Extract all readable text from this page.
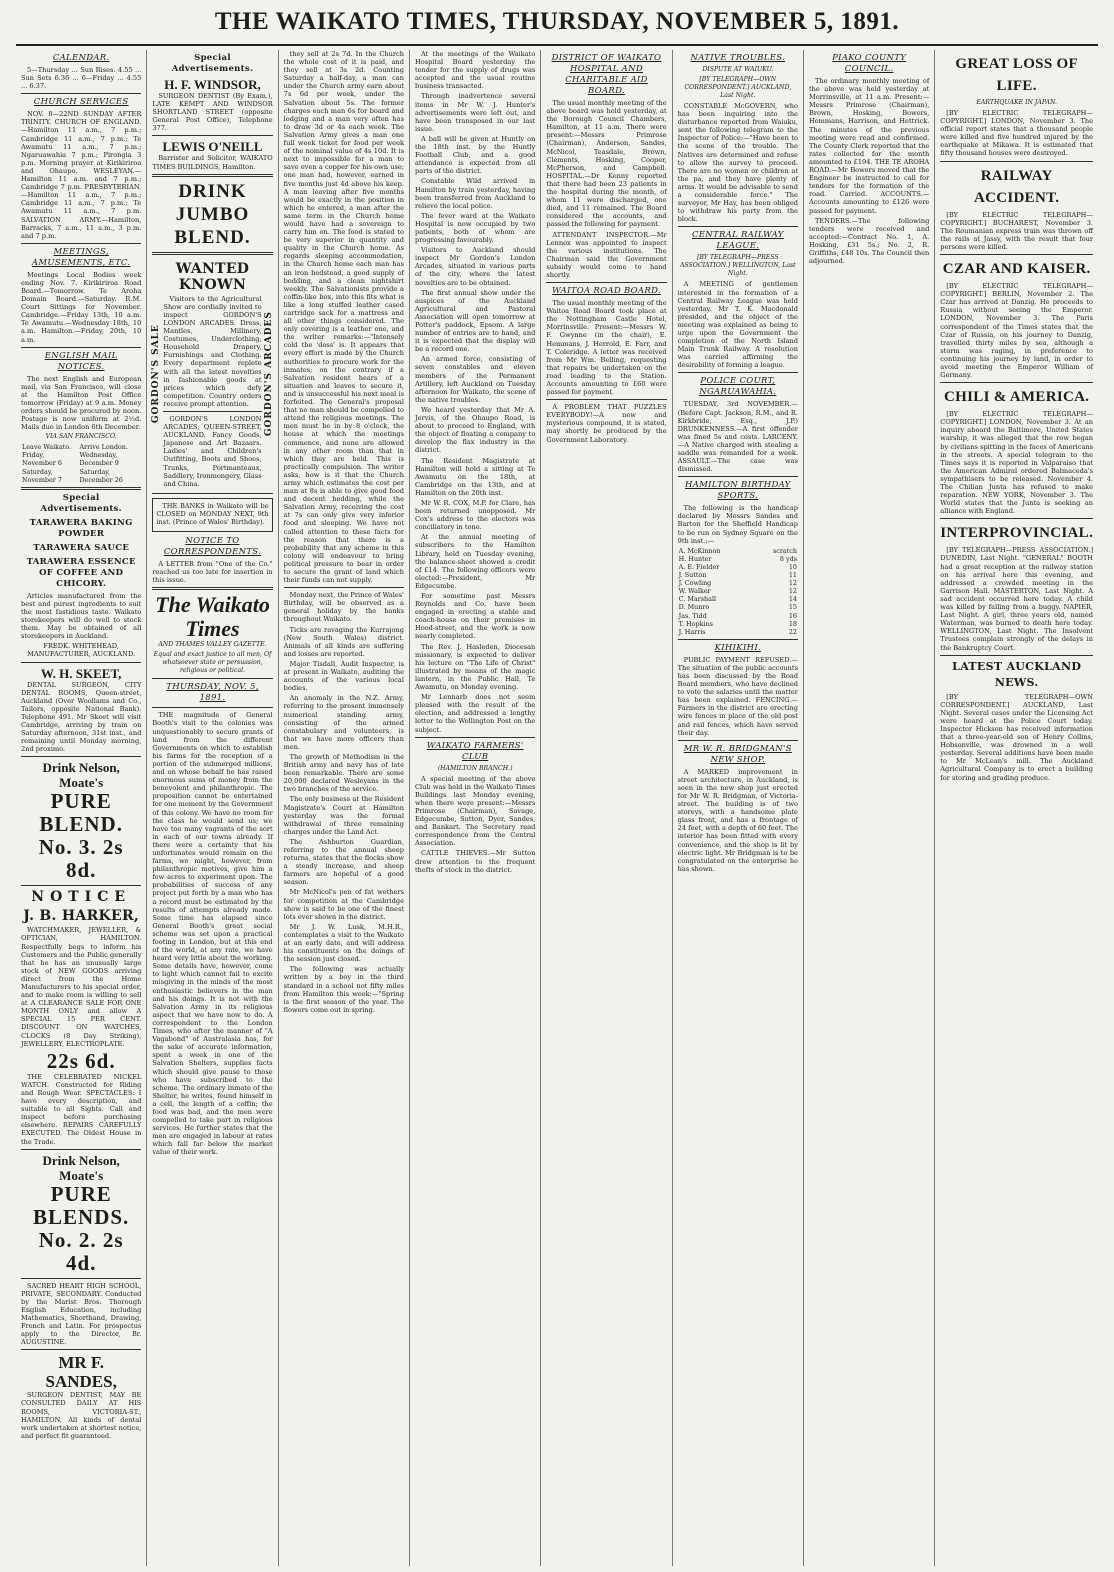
THE WAIKATO TIMES, THURSDAY, NOVEMBER 5, 1891.
CALENDAR.

5—Thursday ... Sun Rises. 4.55 ... Sun Sets 6.36 ... 6—Friday ... 4.55 ... 6.37.

CHURCH SERVICES

NOV. 8—22ND SUNDAY AFTER TRINITY. CHURCH OF ENGLAND.—Hamilton 11 a.m., 7 p.m.; Cambridge 11 a.m., 7 p.m.; Te Awamutu 11 a.m., 7 p.m.; Ngaruawahia 7 p.m.; Pirongia 3 p.m. Morning prayer at Kirikiriroa and Ohaupo. WESLEYAN.—Hamilton 11 a.m. and 7 p.m.; Cambridge 7 p.m. PRESBYTERIAN.—Hamilton 11 a.m., 7 p.m.; Cambridge 11 a.m., 7 p.m.; Te Awamutu 11 a.m., 7 p.m. SALVATION ARMY.—Hamilton, Barracks, 7 a.m., 11 a.m., 3 p.m. and 7 p.m.

MEETINGS, AMUSEMENTS, ETC.

Meetings Local Bodies week ending Nov. 7. Kirikiriroa Road Board.—Tomorrow. Te Aroha Domain Board.—Saturday. R.M. Court Sittings for November. Cambridge.—Friday 13th, 10 a.m. Te Awamutu.—Wednesday 18th, 10 a.m. Hamilton.—Friday, 20th, 10 a.m.

ENGLISH MAIL NOTICES.

The next English and European mail, via San Francisco, will close at the Hamilton Post Office tomorrow (Friday) at 9 a.m. Money orders should be procured by noon. Postage is now uniform at 2½d. Mails due in London 6th December.

VIA SAN FRANCISCO.
Leave Waikato.	Arrive London.
Friday, November 6	Wednesday, December 9
Saturday, November 7	Saturday, December 26
Special Advertisements.
TARAWERA BAKING POWDER
TARAWERA SAUCE
TARAWERA ESSENCE OF COFFEE AND CHICORY.

Articles manufactured from the best and purest ingredients to suit the most fastidious taste. Waikato storekeepers will do well to stock them. May be obtained of all storekeepers in Auckland.

FREDK. WHITEHEAD, MANUFACTURER, AUCKLAND.
W. H. SKEET,

DENTAL SURGEON, CITY DENTAL ROOMS, Queen-street, Auckland (Over Woollams and Co., Tailors, opposite National Bank). Telephone 491. Mr Skeet will visit Cambridge, arriving by train on Saturday afternoon, 31st inst., and remaining until Monday morning, 2nd proximo.

Drink Nelson, Moate's
PURE BLEND.
No. 3. 2s 8d.
NOTICE
J. B. HARKER,

WATCHMAKER, JEWELLER, & OPTICIAN, HAMILTON. Respectfully begs to inform his Customers and the Public generally that he has an unusually large stock of NEW GOODS arriving direct from the Home Manufacturers to his special order, and to make room is willing to sell at A CLEARANCE SALE FOR ONE MONTH ONLY and allow A SPECIAL 15 PER CENT. DISCOUNT ON WATCHES, CLOCKS (8 Day Striking), JEWELLERY, ELECTROPLATE.

22s 6d.

THE CELEBRATED NICKEL WATCH. Constructed for Riding and Rough Wear. SPECTACLES: I have every description, and suitable to all Sights. Call and inspect before purchasing elsewhere. REPAIRS CAREFULLY EXECUTED. The Oldest House in the Trade.

Drink Nelson, Moate's
PURE BLENDS.
No. 2. 2s 4d.

SACRED HEART HIGH SCHOOL, PRIVATE, SECONDARY. Conducted by the Marist Bros. Thorough English Education, including Mathematics, Shorthand, Drawing, French and Latin. For prospectus apply to the Director, Br. AUGUSTINE.

MR F. SANDES,

SURGEON DENTIST, MAY BE CONSULTED DAILY AT HIS ROOMS, VICTORIA-ST., HAMILTON. All kinds of dental work undertaken at shortest notice, and perfect fit guaranteed.

Special Advertisements.
H. F. WINDSOR,

SURGEON DENTIST (By Exam.), LATE KEMPT AND WINDSOR SHORTLAND STREET (opposite General Post Office), Telephone 377.

LEWIS O'NEILL

Barrister and Solicitor, WAIKATO TIMES BUILDINGS, Hamilton.

DRINK JUMBO BLEND.
GORDON'S SALE
WANTED KNOWN

Visitors to the Agricultural Show are cordially invited to inspect GORDON'S LONDON ARCADES. Dress, Mantles, Millinery, Costumes, Underclothing, Household Drapery, Furnishings and Clothing. Every department replete with all the latest novelties in fashionable goods at prices which defy competition. Country orders receive prompt attention.

GORDON'S LONDON ARCADES, QUEEN-STREET, AUCKLAND. Fancy Goods, Japanese and Art Bazaars. Ladies' and Children's Outfitting, Boots and Shoes, Trunks, Portmanteaux, Saddlery, Ironmongery, Glass and China.

GORDON'S ARCADES

THE BANKS in Waikato will be CLOSED on MONDAY NEXT, 9th inst. (Prince of Wales' Birthday).

NOTICE TO CORRESPONDENTS.

A LETTER from "One of the Co." reached us too late for insertion in this issue.

The Waikato Times
AND THAMES VALLEY GAZETTE.
Equal and exact justice to all men, Of whatsoever state or persuasion, religious or political.
THURSDAY, NOV. 5, 1891.

THE magnitude of General Booth's visit to the colonies was unquestionably to secure grants of land from the different Governments on which to establish his farms for the reception of a portion of the submerged millions, and on whose behalf he has raised enormous sums of money from the benevolent and philanthropic. The proposition cannot be entertained for one moment by the Government of this colony. We have no room for the class he would send us; we have too many vagrants of the sort in each of our towns already. If there were a certainty that his unfortunates would remain on the farms, we might, however, from philanthropic motives, give him a few acres to experiment upon. The probabilities of success of any project put forth by a man who has a record must be estimated by the results of attempts already made. Some time has elapsed since General Booth's great social scheme was set upon a practical footing in London, but at this end of the world, at any rate, we have heard very little about the working. Some details have, however, come to light which cannot fail to excite misgiving in the minds of the most enthusiastic believers in the man and his doings. It is not with the Salvation Army in its religious aspect that we have now to do. A correspondent to the London Times, who after the manner of "A Vagabond" of Australasia has, for the sake of accurate information, spent a week in one of the Salvation Shelters, supplies facts which should give pause to those who have subscribed to the scheme. The ordinary inmate of the Shelter, he writes, found himself in a cell, the length of a coffin; the food was bad, and the men were compelled to take part in religious services. He further states that the men are engaged in labour at rates which fall far below the market value of their work.

they sell at 2s 7d. In the Church the whole cost of it is paid, and they sell at 3s 2d. Counting Saturday a half-day, a man can under the Church army earn about 7s 6d per week, under the Salvation about 5s. The former charges each man 6s for board and lodging and a man very often has to draw 3d or 4s each week. The Salvation Army gives a man one full week ticket for food per week of the nominal value of 4s 10d. It is next to impossible for a man to save even a copper for his own use; one man had, however, earned in five months just 4d above his keep. A man leaving after five months would be exactly in the position in which he entered, a man after the same term in the Church home would have had a sovereign to carry him on. The food is stated to be very superior in quantity and quality in the Church home. As regards sleeping accommodation, in the Church home each man has an iron bedstead, a good supply of bedding, and a clean nightshirt weekly. The Salvationists provide a coffin-like box, into this fits what is like a long stuffed leather cased cartridge sack for a mattress and all other things considered. The only covering is a leather one, and the writer remarks:—"Intensely cold the 'doss' is. It appears that every effort is made by the Church authorities to procure work for the inmates; on the contrary if a Salvation resident hears of a situation and leaves to secure it, and is unsuccessful his next meal is forfeited. The General's proposal that no man should be compelled to attend the religious meetings. The men must be in by 8 o'clock, the house at which the meetings commence, and none are allowed in any other room than that in which they are held. This is practically compulsion. The writer asks, how is it that the Church army which estimates the cost per man at 8s is able to give good food and decent bedding, while the Salvation Army, receiving the cost at 7s can only give very inferior food and sleeping. We have not called attention to these facts for the reason that there is a probability that any scheme in this colony will endeavour to bring political pressure to bear in order to secure the grant of land which their funds can not supply.

Monday next, the Prince of Wales' Birthday, will be observed as a general holiday by the banks throughout Waikato.

Ticks are ravaging the Kurrajong (New South Wales) district. Animals of all kinds are suffering and losses are reported.

Major Tisdall, Audit Inspector, is at present in Waikato, auditing the accounts of the various local bodies.

An anomaly in the N.Z. Army, referring to the present immensely numerical standing army, consisting of the armed constabulary and volunteers, is that we have more officers than men.

The growth of Methodism in the British army and navy has of late been remarkable. There are some 20,000 declared Wesleyans in the two branches of the service.

The only business at the Resident Magistrate's Court at Hamilton yesterday was the formal withdrawal of three remaining charges under the Land Act.

The Ashburton Guardian, referring to the annual sheep returns, states that the flocks show a steady increase, and sheep farmers are hopeful of a good season.

Mr McNicol's pen of fat wethers for competition at the Cambridge show is said to be one of the finest lots ever shown in the district.

Mr J. W. Lusk, M.H.R., contemplates a visit to the Waikato at an early date, and will address his constituents on the doings of the session just closed.

The following was actually written by a boy in the third standard in a school not fifty miles from Hamilton this week:—"Spring is the first season of the year. The flowers come out in spring.

At the meetings of the Waikato Hospital Board yesterday the tender for the supply of drugs was accepted and the usual routine business transacted.

Through inadvertence several items in Mr W. J. Hunter's advertisements were left out, and have been transposed in our last issue.

A ball will be given at Huntly on the 18th inst. by the Huntly Football Club, and a good attendance is expected from all parts of the district.

Constable Wild arrived in Hamilton by train yesterday, having been transferred from Auckland to relieve the local police.

The fever ward at the Waikato Hospital is now occupied by two patients, both of whom are progressing favourably.

Visitors to Auckland should inspect Mr Gordon's London Arcades, situated in various parts of the city, where the latest novelties are to be obtained.

The first annual show under the auspices of the Auckland Agricultural and Pastoral Association will open tomorrow at Potter's paddock, Epsom. A large number of entries are to hand, and it is expected that the display will be a record one.

An armed force, consisting of seven constables and eleven members of the Permanent Artillery, left Auckland on Tuesday afternoon for Waikato, the scene of the native troubles.

We heard yesterday that Mr A. Jervis, of the Ohaupo Road, is about to proceed to England, with the object of floating a company to develop the flax industry in the district.

The Resident Magistrate at Hamilton will hold a sitting at Te Awamutu on the 18th, at Cambridge on the 13th, and at Hamilton on the 20th inst.

Mr W. R. COX, M.P. for Clare, has been returned unopposed. Mr Cox's address to the electors was conciliatory in tone.

At the annual meeting of subscribers to the Hamilton Library, held on Tuesday evening, the balance-sheet showed a credit of £14. The following officers were elected:—President, Mr Edgecumbe.

For sometime past Messrs Reynolds and Co. have been engaged in erecting a stable and coach-house on their premises in Hood-street, and the work is now nearly completed.

The Rev. J. Hasleden, Diocesan missionary, is expected to deliver his lecture on "The Life of Christ" illustrated by means of the magic lantern, in the Public Hall, Te Awamutu, on Monday evening.

Mr Lennarb does not seem pleased with the result of the election, and addressed a lengthy letter to the Wellington Post on the subject.

WAIKATO FARMERS' CLUB
(HAMILTON BRANCH.)

A special meeting of the above Club was held in the Waikato Times Buildings last Monday evening, when there were present:—Messrs Primrose (Chairman), Savage, Edgecumbe, Sutton, Dyer, Sandes, and Bankart. The Secretary read correspondence from the Central Association.

CATTLE THIEVES.—Mr Sutton drew attention to the frequent thefts of stock in the district.

DISTRICT OF WAIKATO HOSPITAL AND CHARITABLE AID BOARD.

The usual monthly meeting of the above board was held yesterday, at the Borough Council Chambers, Hamilton, at 11 a.m. There were present:—Messrs Primrose (Chairman), Anderson, Sandes, McNicol, Teasdale, Brown, Clements, Hosking, Cooper, McPherson, and Campbell. HOSPITAL.—Dr Kenny reported that there had been 23 patients in the hospital during the month, of whom 11 were discharged, one died, and 11 remained. The Board considered the accounts, and passed the following for payment.

ATTENDANT INSPECTOR.—Mr Lennox was appointed to inspect the various institutions. The Chairman said the Government subsidy would come to hand shortly.

WAITOA ROAD BOARD.

The usual monthly meeting of the Waitoa Road Board took place at the Nottingham Castle Hotel, Morrinsville. Present:—Messrs W. F. Gwynne (in the chair), E. Hemmans, J. Herrold, E. Farr, and T. Coleridge. A letter was received from Mr Wm. Belling, requesting that repairs be undertaken on the road leading to the Station. Accounts amounting to £60 were passed for payment.

A PROBLEM THAT PUZZLES EVERYBODY!—A new and mysterious compound, it is stated, may shortly be produced by the Government Laboratory.

NATIVE TROUBLES.
DISPUTE AT WAIUKU.
[BY TELEGRAPH—OWN CORRESPONDENT.] AUCKLAND, Last Night.

CONSTABLE McGOVERN, who has been inquiring into the disturbance reported from Waiuku, sent the following telegram to the Inspector of Police:—"Have been to the scene of the trouble. The Natives are determined and refuse to allow the survey to proceed. There are no women or children at the pa, and they have plenty of arms. It would be advisable to send a considerable force." The surveyor, Mr Hay, has been obliged to withdraw his party from the block.

CENTRAL RAILWAY LEAGUE.
[BY TELEGRAPH—PRESS ASSOCIATION.] WELLINGTON, Last Night.

A MEETING of gentlemen interested in the formation of a Central Railway League was held yesterday. Mr T. K. Macdonald presided, and the object of the meeting was explained as being to urge upon the Government the completion of the North Island Main Trunk Railway. A resolution was carried affirming the desirability of forming a league.

POLICE COURT, NGARUAWAHIA.

TUESDAY, 3rd NOVEMBER.—(Before Capt. Jackson, R.M., and R. Kirkbride, Esq., J.P.) DRUNKENNESS.—A first offender was fined 5s and costs. LARCENY.—A Native charged with stealing a saddle was remanded for a week. ASSAULT.—The case was dismissed.

HAMILTON BIRTHDAY SPORTS.

The following is the handicap declared by Messrs Sandes and Barton for the Sheffield Handicap to be run on Sydney Square on the 9th inst.:—

A. McKinnon	scratch
H. Hunter	8 yds
A. E. Fielder	10
J. Sutton	11
J. Cowling	12
W. Walker	12
C. Marshall	14
D. Munro	15
Jas. Tidd	16
T. Hopkins	18
J. Harris	22
KIHIKIHI.

PUBLIC PAYMENT REFUSED.—The situation of the public accounts has been discussed by the Road Board members, who have declined to vote the salaries until the matter has been explained. FENCING.—Farmers in the district are erecting wire fences in place of the old post and rail fences, which have served their day.

MR W. R. BRIDGMAN'S NEW SHOP.

A MARKED improvement in street architecture, in Auckland, is seen in the new shop just erected for Mr W. R. Bridgman, of Victoria-street. The building is of two storeys, with a handsome plate glass front, and has a frontage of 24 feet, with a depth of 60 feet. The interior has been fitted with every convenience, and the shop is lit by electric light. Mr Bridgman is to be congratulated on the enterprise he has shown.

PIAKO COUNTY COUNCIL.

The ordinary monthly meeting of the above was held yesterday at Morrinsville, at 11 a.m. Present:—Messrs Primrose (Chairman), Brown, Hosking, Bowers, Hemmans, Harrison, and Hettrick. The minutes of the previous meeting were read and confirmed. The County Clerk reported that the rates collected for the month amounted to £194. THE TE AROHA ROAD.—Mr Bowers moved that the Engineer be instructed to call for tenders for the formation of the road. Carried. ACCOUNTS.—Accounts amounting to £126 were passed for payment.

TENDERS.—The following tenders were received and accepted:—Contract No. 1, A. Hosking, £31 5s.; No. 2, R. Griffiths, £48 10s. The Council then adjourned.

GREAT LOSS OF LIFE.
EARTHQUAKE IN JAPAN.

[BY ELECTRIC TELEGRAPH—COPYRIGHT.] LONDON, November 3. The official report states that a thousand people were killed and five hundred injured by the earthquake at Mikawa. It is estimated that fifty thousand houses were destroyed.

RAILWAY ACCIDENT.

[BY ELECTRIC TELEGRAPH—COPYRIGHT.] BUCHAREST, November 3. The Roumanian express train was thrown off the rails at Jassy, with the result that four persons were killed.

CZAR AND KAISER.

[BY ELECTRIC TELEGRAPH—COPYRIGHT.] BERLIN, November 2. The Czar has arrived at Danzig. He proceeds to Russia without seeing the Emperor. LONDON, November 3. The Paris correspondent of the Times states that the Czar of Russia, on his journey to Danzig, travelled thirty miles by sea, although a storm was raging, in preference to continuing his journey by land, in order to avoid meeting the Emperor William of Germany.

CHILI & AMERICA.

[BY ELECTRIC TELEGRAPH—COPYRIGHT.] LONDON, November 3. At an inquiry aboard the Baltimore, United States warship, it was alleged that the row began by civilians spitting in the faces of Americans in the streets. A special telegram to the Times says it is reported in Valparaiso that the American Admiral ordered Balmaceda's sympathisers to be released. November 4. The Chilian Junta has refused to make reparation. NEW YORK, November 3. The World states that the Junta is seeking an alliance with England.

INTERPROVINCIAL.

[BY TELEGRAPH—PRESS ASSOCIATION.] DUNEDIN, Last Night. "GENERAL" BOOTH had a great reception at the railway station on his arrival here this evening, and addressed a crowded meeting in the Garrison Hall. MASTERTON, Last Night. A sad accident occurred here today. A child was killed by falling from a buggy. NAPIER, Last Night. A girl, three years old, named Waterman, was burned to death here today. WELLINGTON, Last Night. The Insolvent Trustees complain strongly of the delays in the Bankruptcy Court.

LATEST AUCKLAND NEWS.

[BY TELEGRAPH—OWN CORRESPONDENT.] AUCKLAND, Last Night. Several cases under the Licensing Act were heard at the Police Court today. Inspector Hickson has received information that a three-year-old son of Henry Collins, Hobsonville, was drowned in a well yesterday. Several additions have been made to Mr McLean's mill. The Auckland Agricultural Company is to erect a building for storing and grading produce.
